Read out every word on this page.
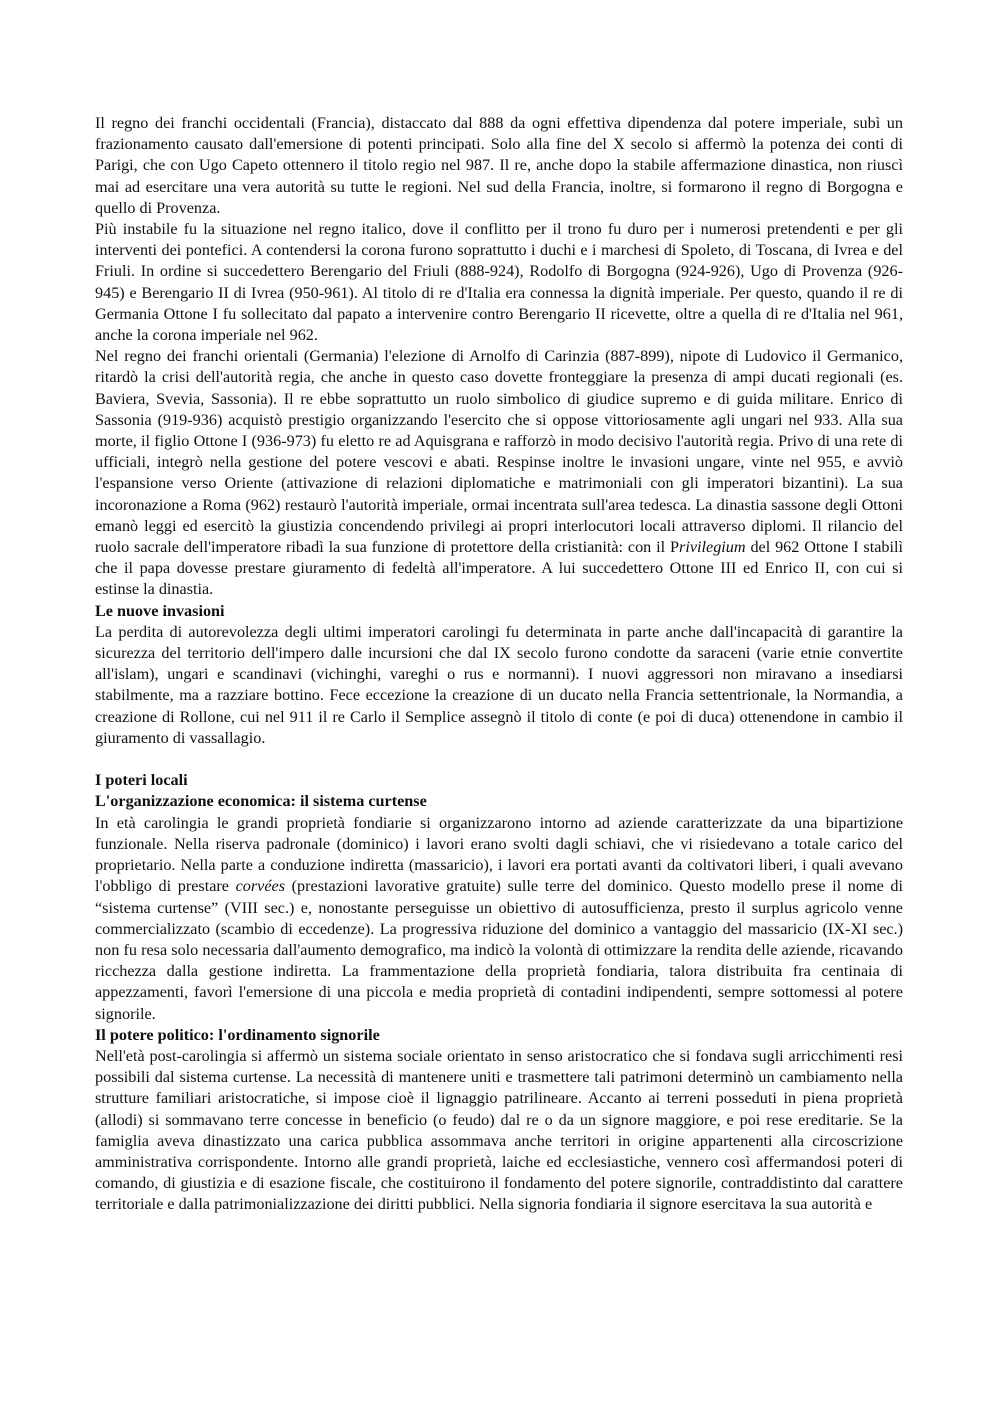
Il regno dei franchi occidentali (Francia), distaccato dal 888 da ogni effettiva dipendenza dal potere imperiale, subì un frazionamento causato dall'emersione di potenti principati. Solo alla fine del X secolo si affermò la potenza dei conti di Parigi, che con Ugo Capeto ottennero il titolo regio nel 987. Il re, anche dopo la stabile affermazione dinastica, non riuscì mai ad esercitare una vera autorità su tutte le regioni. Nel sud della Francia, inoltre, si formarono il regno di Borgogna e quello di Provenza.

Più instabile fu la situazione nel regno italico, dove il conflitto per il trono fu duro per i numerosi pretendenti e per gli interventi dei pontefici. A contendersi la corona furono soprattutto i duchi e i marchesi di Spoleto, di Toscana, di Ivrea e del Friuli. In ordine si succedettero Berengario del Friuli (888-924), Rodolfo di Borgogna (924-926), Ugo di Provenza (926-945) e Berengario II di Ivrea (950-961). Al titolo di re d'Italia era connessa la dignità imperiale. Per questo, quando il re di Germania Ottone I fu sollecitato dal papato a intervenire contro Berengario II ricevette, oltre a quella di re d'Italia nel 961, anche la corona imperiale nel 962.

Nel regno dei franchi orientali (Germania) l'elezione di Arnolfo di Carinzia (887-899), nipote di Ludovico il Germanico, ritardò la crisi dell'autorità regia, che anche in questo caso dovette fronteggiare la presenza di ampi ducati regionali (es. Baviera, Svevia, Sassonia). Il re ebbe soprattutto un ruolo simbolico di giudice supremo e di guida militare. Enrico di Sassonia (919-936) acquistò prestigio organizzando l'esercito che si oppose vittoriosamente agli ungari nel 933. Alla sua morte, il figlio Ottone I (936-973) fu eletto re ad Aquisgrana e rafforzò in modo decisivo l'autorità regia. Privo di una rete di ufficiali, integrò nella gestione del potere vescovi e abati. Respinse inoltre le invasioni ungare, vinte nel 955, e avviò l'espansione verso Oriente (attivazione di relazioni diplomatiche e matrimoniali con gli imperatori bizantini). La sua incoronazione a Roma (962) restaurò l'autorità imperiale, ormai incentrata sull'area tedesca. La dinastia sassone degli Ottoni emanò leggi ed esercitò la giustizia concendendo privilegi ai propri interlocutori locali attraverso diplomi. Il rilancio del ruolo sacrale dell'imperatore ribadì la sua funzione di protettore della cristianità: con il Privilegium del 962 Ottone I stabilì che il papa dovesse prestare giuramento di fedeltà all'imperatore. A lui succedettero Ottone III ed Enrico II, con cui si estinse la dinastia.

Le nuove invasioni

La perdita di autorevolezza degli ultimi imperatori carolingi fu determinata in parte anche dall'incapacità di garantire la sicurezza del territorio dell'impero dalle incursioni che dal IX secolo furono condotte da saraceni (varie etnie convertite all'islam), ungari e scandinavi (vichinghi, vareghi o rus e normanni). I nuovi aggressori non miravano a insediarsi stabilmente, ma a razziare bottino. Fece eccezione la creazione di un ducato nella Francia settentrionale, la Normandia, a creazione di Rollone, cui nel 911 il re Carlo il Semplice assegnò il titolo di conte (e poi di duca) ottenendone in cambio il giuramento di vassallagio.

I poteri locali

L'organizzazione economica: il sistema curtense

In età carolingia le grandi proprietà fondiarie si organizzarono intorno ad aziende caratterizzate da una bipartizione funzionale. Nella riserva padronale (dominico) i lavori erano svolti dagli schiavi, che vi risiedevano a totale carico del proprietario. Nella parte a conduzione indiretta (massaricio), i lavori era portati avanti da coltivatori liberi, i quali avevano l'obbligo di prestare corvées (prestazioni lavorative gratuite) sulle terre del dominico. Questo modello prese il nome di “sistema curtense” (VIII sec.) e, nonostante perseguisse un obiettivo di autosufficienza, presto il surplus agricolo venne commercializzato (scambio di eccedenze). La progressiva riduzione del dominico a vantaggio del massaricio (IX-XI sec.) non fu resa solo necessaria dall'aumento demografico, ma indicò la volontà di ottimizzare la rendita delle aziende, ricavando ricchezza dalla gestione indiretta. La frammentazione della proprietà fondiaria, talora distribuita fra centinaia di appezzamenti, favorì l'emersione di una piccola e media proprietà di contadini indipendenti, sempre sottomessi al potere signorile.

Il potere politico: l'ordinamento signorile

Nell'età post-carolingia si affermò un sistema sociale orientato in senso aristocratico che si fondava sugli arricchimenti resi possibili dal sistema curtense. La necessità di mantenere uniti e trasmettere tali patrimoni determinò un cambiamento nella strutture familiari aristocratiche, si impose cioè il lignaggio patrilineare. Accanto ai terreni posseduti in piena proprietà (allodi) si sommavano terre concesse in beneficio (o feudo) dal re o da un signore maggiore, e poi rese ereditarie. Se la famiglia aveva dinastizzato una carica pubblica assommava anche territori in origine appartenenti alla circoscrizione amministrativa corrispondente. Intorno alle grandi proprietà, laiche ed ecclesiastiche, vennero così affermandosi poteri di comando, di giustizia e di esazione fiscale, che costituirono il fondamento del potere signorile, contraddistinto dal carattere territoriale e dalla patrimonializzazione dei diritti pubblici. Nella signoria fondiaria il signore esercitava la sua autorità e
